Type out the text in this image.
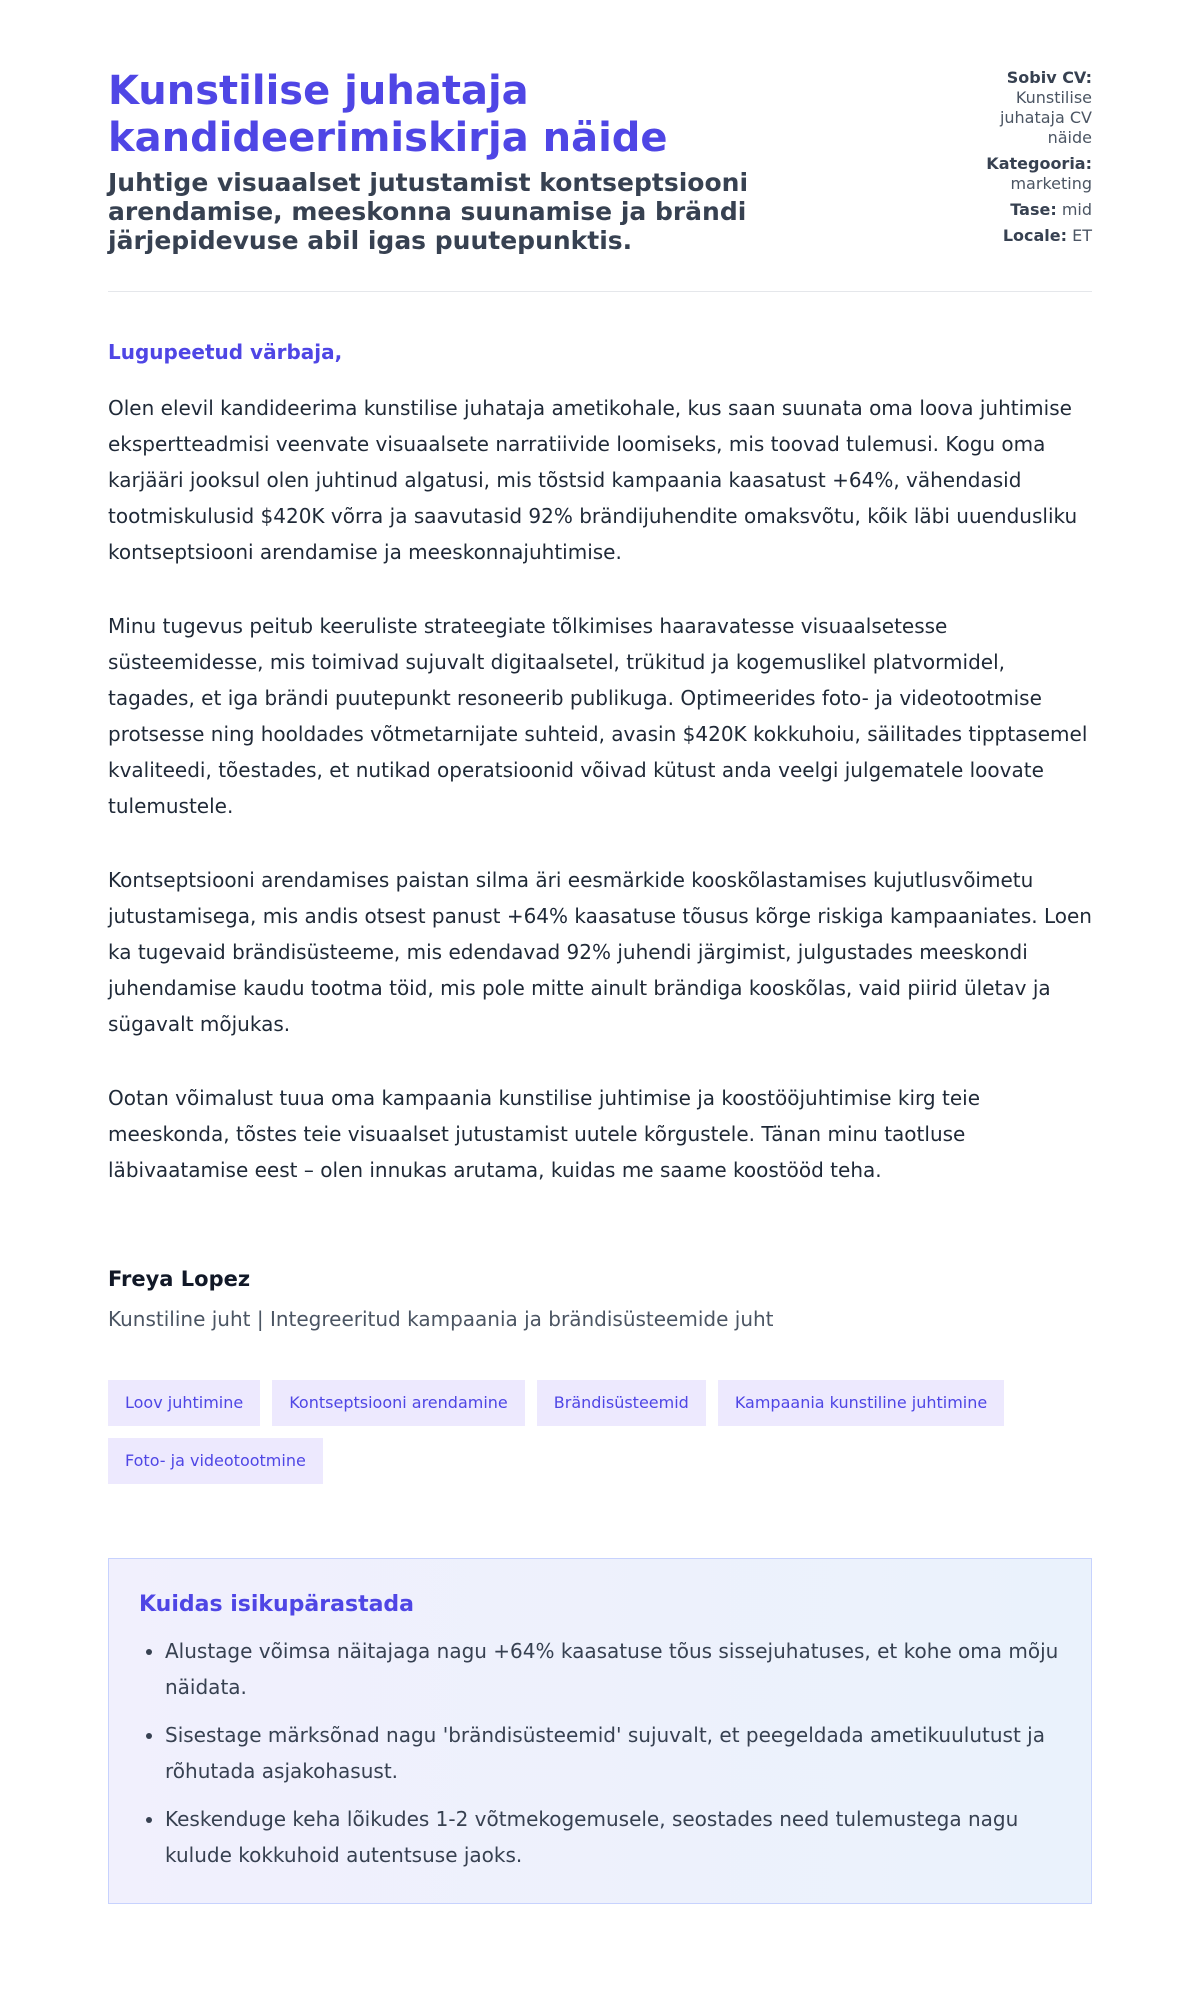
Kunstilise juhataja kandideerimiskirja näide
Juhtige visuaalset jutustamist kontseptsiooni arendamise, meeskonna suunamise ja brändi järjepidevuse abil igas puutepunktis.
Sobiv CV:
Kunstilise juhataja CV näide
Kategooria:
marketing
Tase: mid
Locale: ET

Lugupeetud värbaja,

Olen elevil kandideerima kunstilise juhataja ametikohale, kus saan suunata oma loova juhtimise ekspertteadmisi veenvate visuaalsete narratiivide loomiseks, mis toovad tulemusi. Kogu oma karjääri jooksul olen juhtinud algatusi, mis tõstsid kampaania kaasatust +64%, vähendasid tootmiskulusid $420K võrra ja saavutasid 92% brändijuhendite omaksvõtu, kõik läbi uuendusliku kontseptsiooni arendamise ja meeskonnajuhtimise.

Minu tugevus peitub keeruliste strateegiate tõlkimises haaravatesse visuaalsetesse süsteemidesse, mis toimivad sujuvalt digitaalsetel, trükitud ja kogemuslikel platvormidel, tagades, et iga brändi puutepunkt resoneerib publikuga. Optimeerides foto- ja videotootmise protsesse ning hooldades võtmetarnijate suhteid, avasin $420K kokkuhoiu, säilitades tipptasemel kvaliteedi, tõestades, et nutikad operatsioonid võivad kütust anda veelgi julgematele loovate tulemustele.

Kontseptsiooni arendamises paistan silma äri eesmärkide kooskõlastamises kujutlusvõimetu jutustamisega, mis andis otsest panust +64% kaasatuse tõusus kõrge riskiga kampaaniates. Loen ka tugevaid brändisüsteeme, mis edendavad 92% juhendi järgimist, julgustades meeskondi juhendamise kaudu tootma töid, mis pole mitte ainult brändiga kooskõlas, vaid piirid ületav ja sügavalt mõjukas.

Ootan võimalust tuua oma kampaania kunstilise juhtimise ja koostööjuhtimise kirg teie meeskonda, tõstes teie visuaalset jutustamist uutele kõrgustele. Tänan minu taotluse läbivaatamise eest – olen innukas arutama, kuidas me saame koostööd teha.

Freya Lopez
Kunstiline juht | Integreeritud kampaania ja brändisüsteemide juht
Loov juhtimine	Kontseptsiooni arendamine	Brändisüsteemid	Kampaania kunstiline juhtimine
Foto- ja videotootmine
Kuidas isikupärastada
• Alustage võimsa näitajaga nagu +64% kaasatuse tõus sissejuhatuses, et kohe oma mõju näidata.
• Sisestage märksõnad nagu 'brändisüsteemid' sujuvalt, et peegeldada ametikuulutust ja rõhutada asjakohasust.
• Keskenduge keha lõikudes 1-2 võtmekogemusele, seostades need tulemustega nagu kulude kokkuhoid autentsuse jaoks.
